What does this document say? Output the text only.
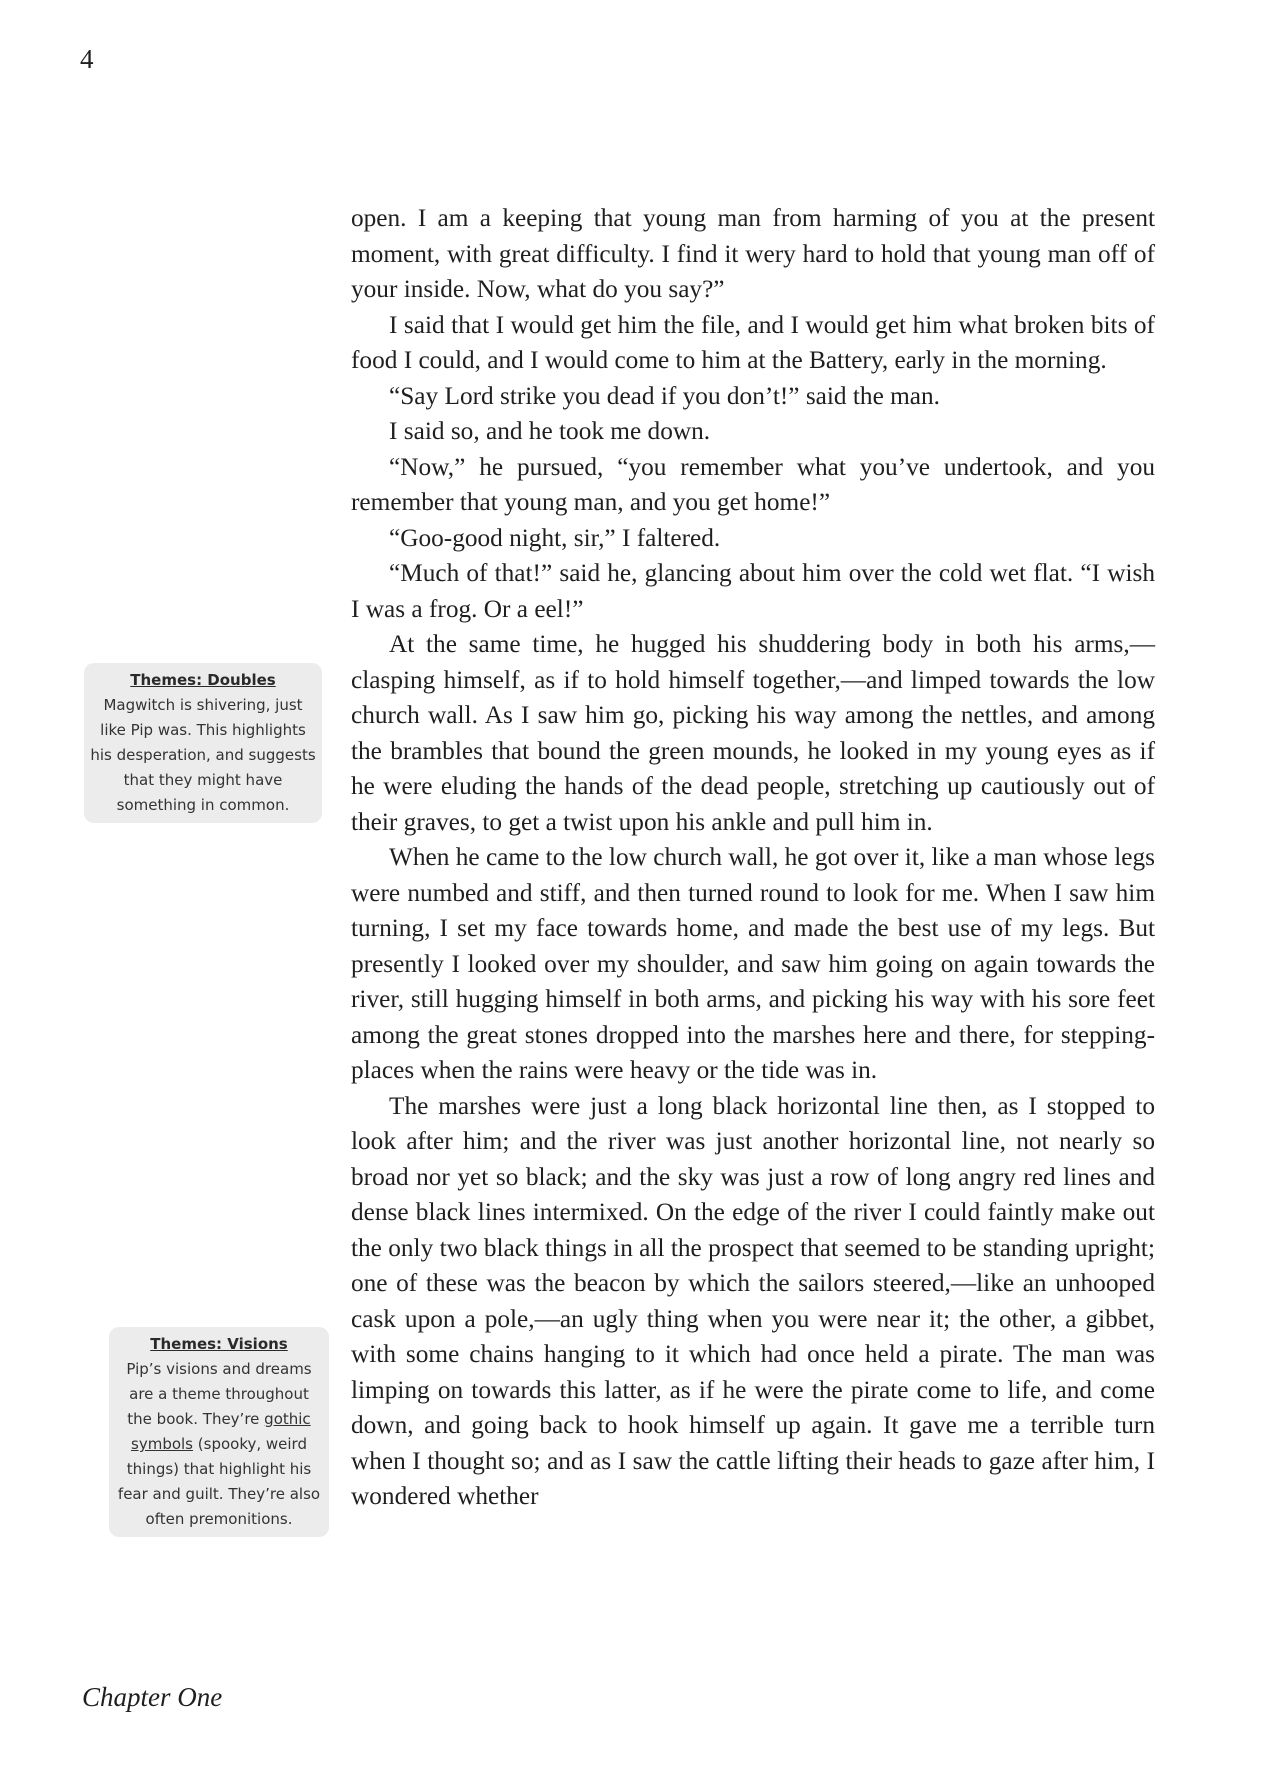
4

open. I am a keeping that young man from harming of you at the present moment, with great difficulty. I find it wery hard to hold that young man off of your inside. Now, what do you say?”

I said that I would get him the file, and I would get him what broken bits of food I could, and I would come to him at the Battery, early in the morning.

“Say Lord strike you dead if you don’t!” said the man.

I said so, and he took me down.

“Now,” he pursued, “you remember what you’ve undertook, and you remember that young man, and you get home!”

“Goo-good night, sir,” I faltered.

“Much of that!” said he, glancing about him over the cold wet flat. “I wish I was a frog. Or a eel!”

At the same time, he hugged his shuddering body in both his arms,—clasping himself, as if to hold himself together,—and limped towards the low church wall. As I saw him go, picking his way among the nettles, and among the brambles that bound the green mounds, he looked in my young eyes as if he were eluding the hands of the dead people, stretching up cautiously out of their graves, to get a twist upon his ankle and pull him in.

When he came to the low church wall, he got over it, like a man whose legs were numbed and stiff, and then turned round to look for me. When I saw him turning, I set my face towards home, and made the best use of my legs. But presently I looked over my shoulder, and saw him going on again towards the river, still hugging himself in both arms, and picking his way with his sore feet among the great stones dropped into the marshes here and there, for stepping-places when the rains were heavy or the tide was in.

The marshes were just a long black horizontal line then, as I stopped to look after him; and the river was just another horizontal line, not nearly so broad nor yet so black; and the sky was just a row of long angry red lines and dense black lines intermixed. On the edge of the river I could faintly make out the only two black things in all the prospect that seemed to be standing upright; one of these was the beacon by which the sailors steered,—like an unhooped cask upon a pole,—an ugly thing when you were near it; the other, a gibbet, with some chains hanging to it which had once held a pirate. The man was limping on towards this latter, as if he were the pirate come to life, and come down, and going back to hook himself up again. It gave me a terrible turn when I thought so; and as I saw the cattle lifting their heads to gaze after him, I wondered whether

Themes: Doubles
Magwitch is shivering, just like Pip was. This highlights his desperation, and suggests that they might have something in common.
Themes: Visions
Pip’s visions and dreams are a theme throughout the book. They’re gothic symbols (spooky, weird things) that highlight his fear and guilt. They’re also often premonitions.
Chapter One
